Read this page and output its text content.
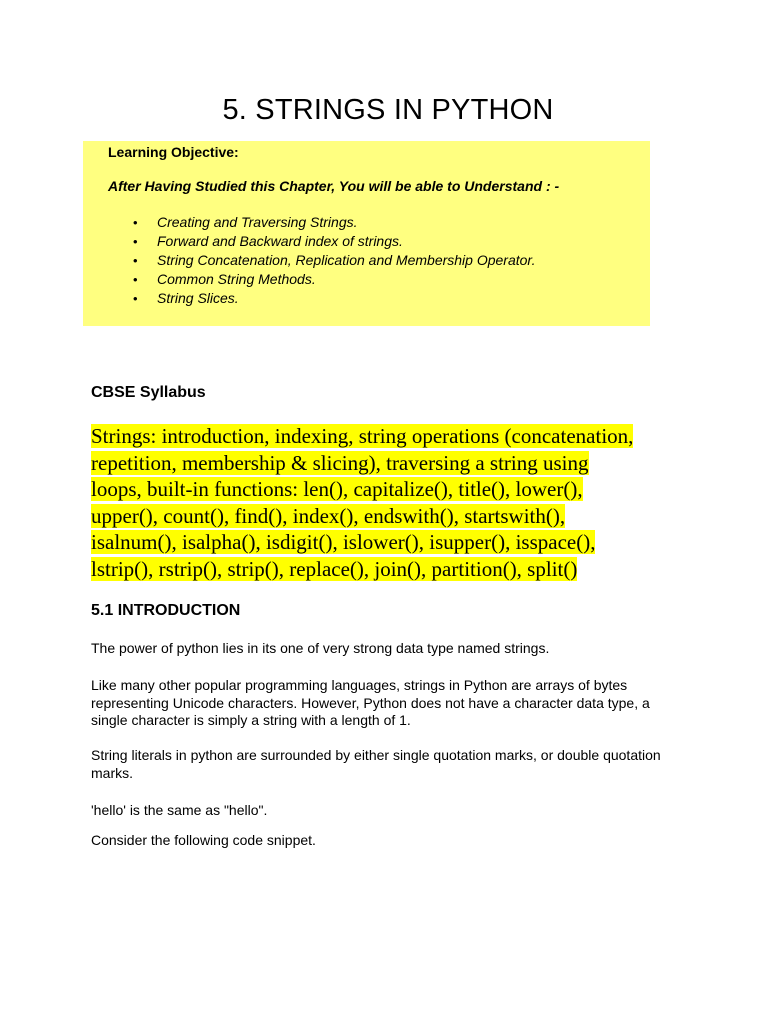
5. STRINGS IN PYTHON

Learning Objective:

After Having Studied this Chapter, You will be able to Understand : -

• Creating and Traversing Strings.
• Forward and Backward index of strings.
• String Concatenation, Replication and Membership Operator.
• Common String Methods.
• String Slices.
CBSE Syllabus

Strings: introduction, indexing, string operations (concatenation,
repetition, membership & slicing), traversing a string using
loops, built-in functions: len(), capitalize(), title(), lower(),
upper(), count(), find(), index(), endswith(), startswith(),
isalnum(), isalpha(), isdigit(), islower(), isupper(), isspace(),
lstrip(), rstrip(), strip(), replace(), join(), partition(), split()

5.1 INTRODUCTION

The power of python lies in its one of very strong data type named strings.

Like many other popular programming languages, strings in Python are arrays of bytes representing Unicode characters. However, Python does not have a character data type, a single character is simply a string with a length of 1.

String literals in python are surrounded by either single quotation marks, or double quotation marks.

'hello' is the same as "hello".

Consider the following code snippet.
